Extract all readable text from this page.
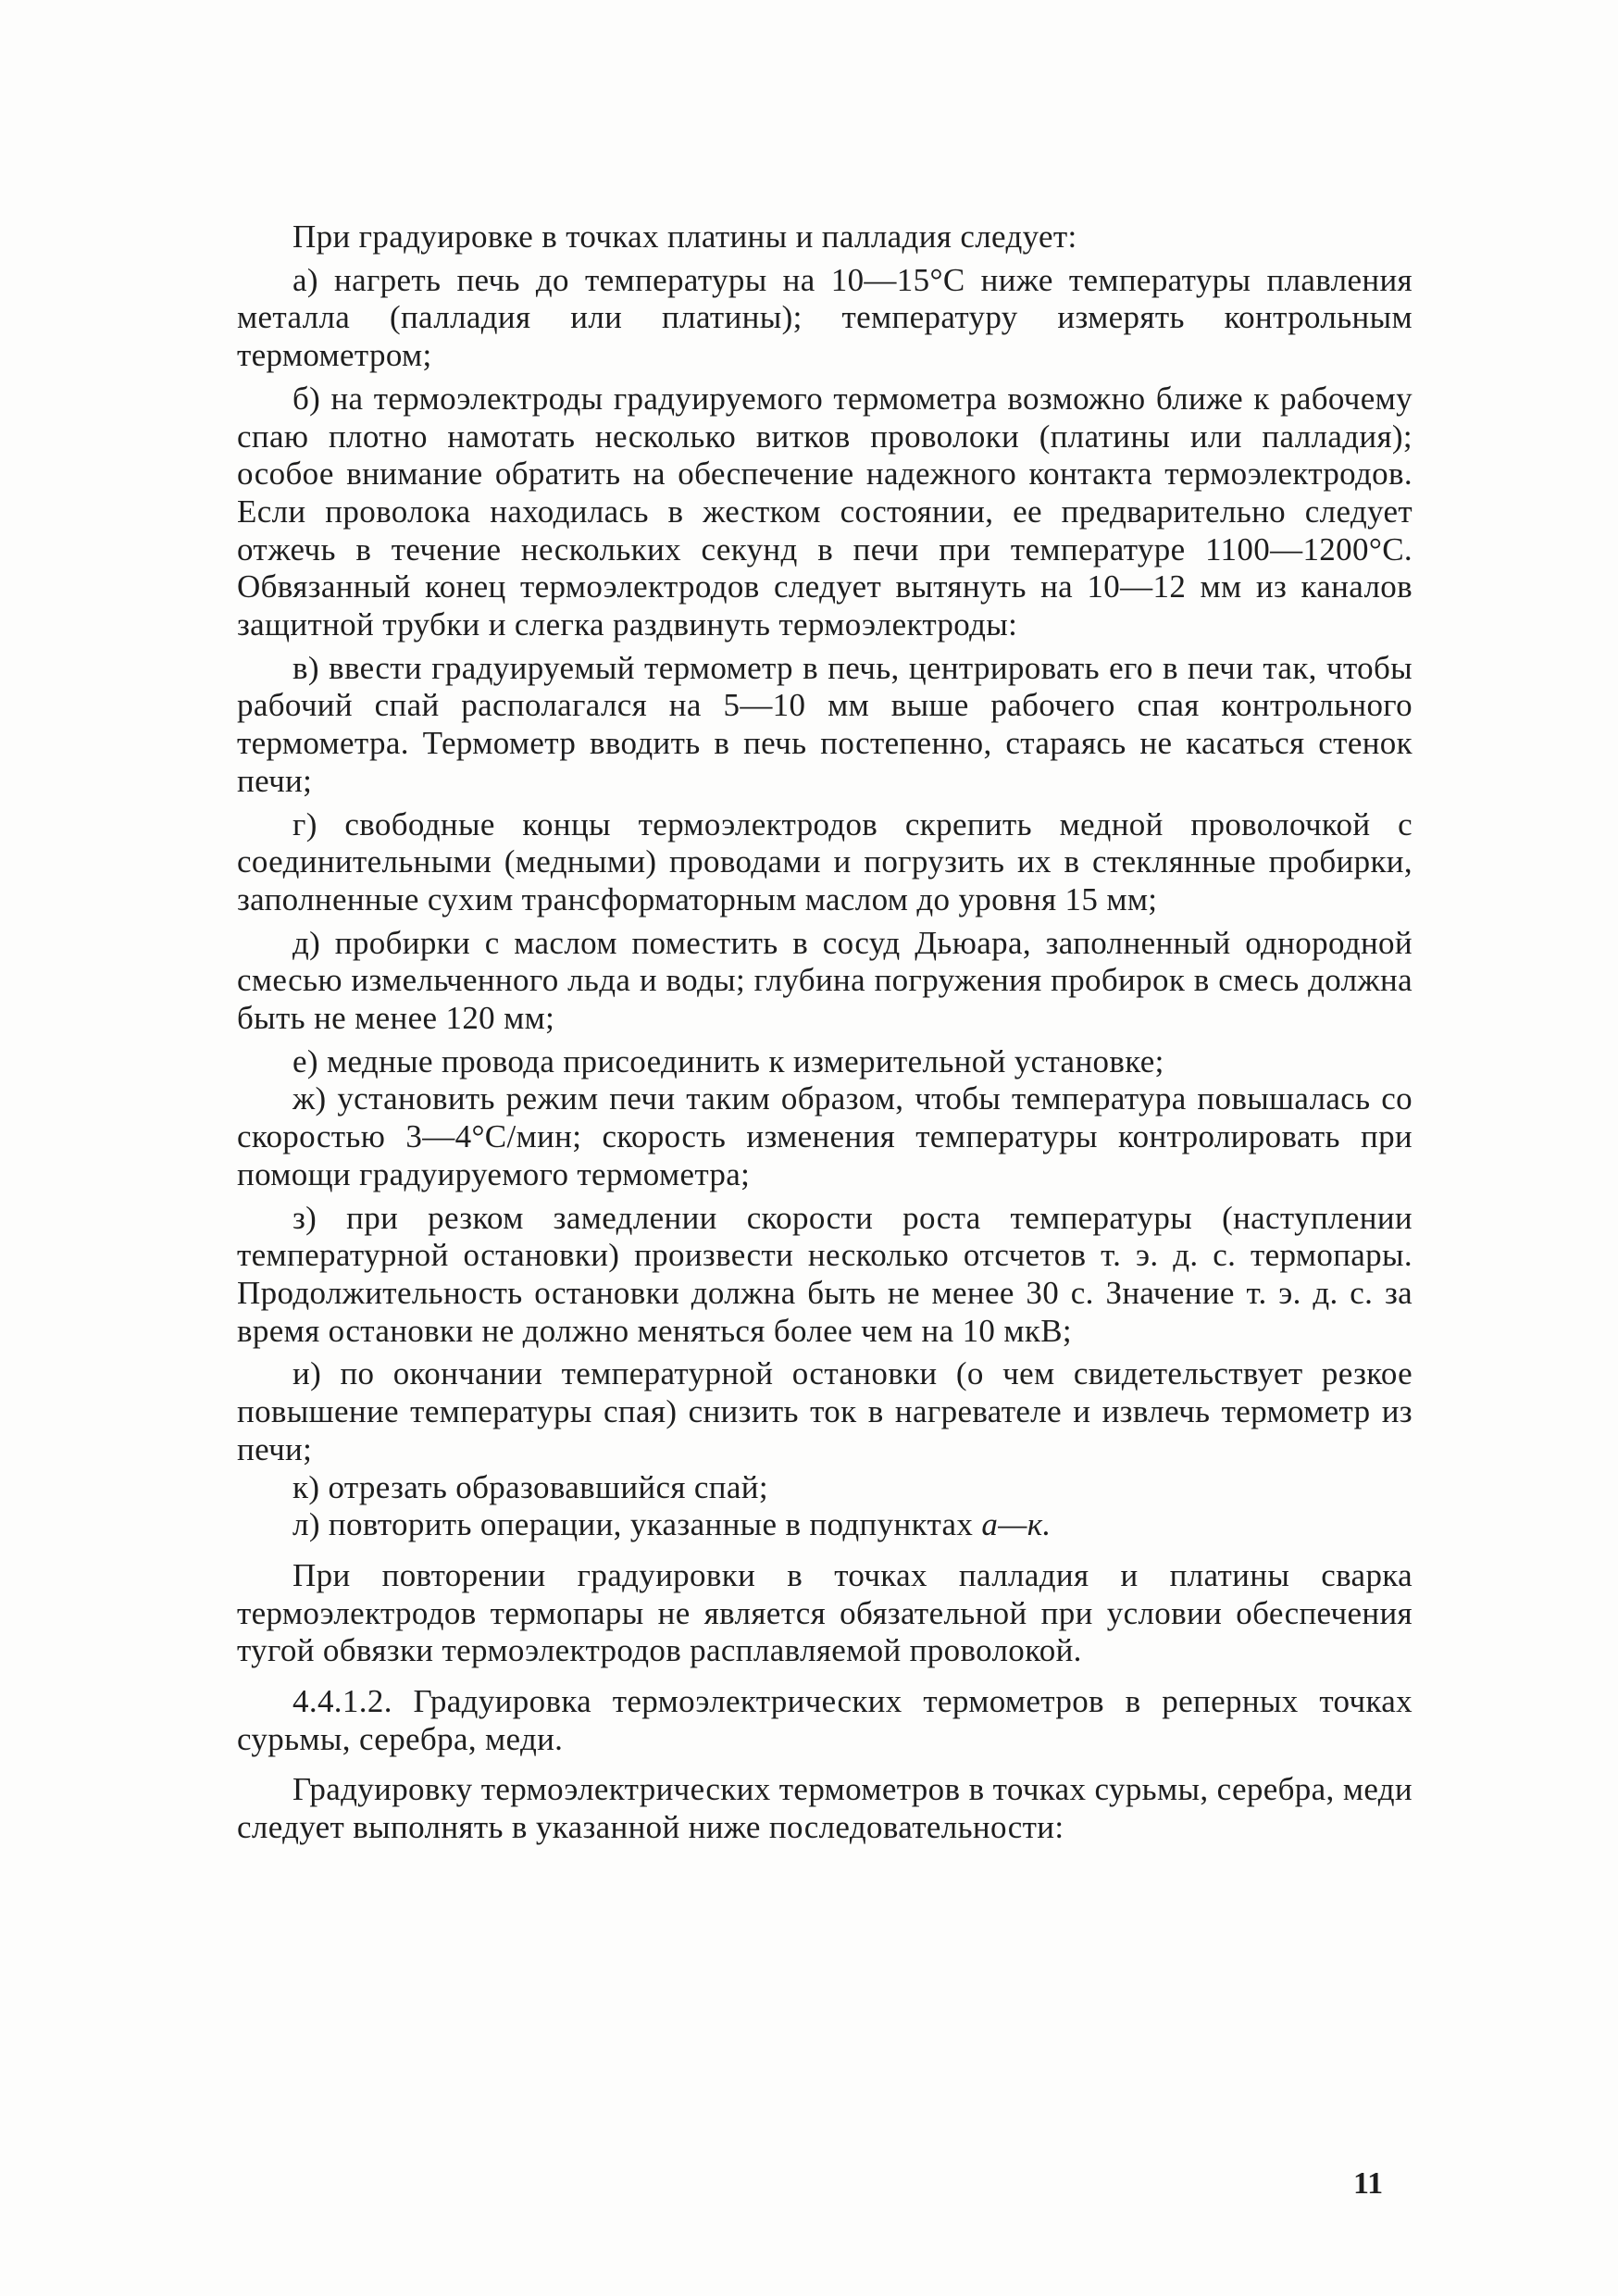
При градуировке в точках платины и палладия следует:

а) нагреть печь до температуры на 10—15°С ниже температуры плавления металла (палладия или платины); температуру измерять контрольным термометром;

б) на термоэлектроды градуируемого термометра возможно ближе к рабочему спаю плотно намотать несколько витков проволоки (платины или палладия); особое внимание обратить на обеспечение надежного контакта термоэлектродов. Если проволока находилась в жестком состоянии, ее предварительно следует отжечь в течение нескольких секунд в печи при температуре 1100—1200°С. Обвязанный конец термоэлектродов следует вытянуть на 10—12 мм из каналов защитной трубки и слегка раздвинуть термоэлектроды:

в) ввести градуируемый термометр в печь, центрировать его в печи так, чтобы рабочий спай располагался на 5—10 мм выше рабочего спая контрольного термометра. Термометр вводить в печь постепенно, стараясь не касаться стенок печи;

г) свободные концы термоэлектродов скрепить медной проволочкой с соединительными (медными) проводами и погрузить их в стеклянные пробирки, заполненные сухим трансформаторным маслом до уровня 15 мм;

д) пробирки с маслом поместить в сосуд Дьюара, заполненный однородной смесью измельченного льда и воды; глубина погружения пробирок в смесь должна быть не менее 120 мм;

е) медные провода присоединить к измерительной установке;

ж) установить режим печи таким образом, чтобы температура повышалась со скоростью 3—4°С/мин; скорость изменения температуры контролировать при помощи градуируемого термометра;

з) при резком замедлении скорости роста температуры (наступлении температурной остановки) произвести несколько отсчетов т. э. д. с. термопары. Продолжительность остановки должна быть не менее 30 с. Значение т. э. д. с. за время остановки не должно меняться более чем на 10 мкВ;

и) по окончании температурной остановки (о чем свидетельствует резкое повышение температуры спая) снизить ток в нагревателе и извлечь термометр из печи;

к) отрезать образовавшийся спай;

л) повторить операции, указанные в подпунктах а—к.

При повторении градуировки в точках палладия и платины сварка термоэлектродов термопары не является обязательной при условии обеспечения тугой обвязки термоэлектродов расплавляемой проволокой.

4.4.1.2. Градуировка термоэлектрических термометров в реперных точках сурьмы, серебра, меди.

Градуировку термоэлектрических термометров в точках сурьмы, серебра, меди следует выполнять в указанной ниже последовательности:

11
